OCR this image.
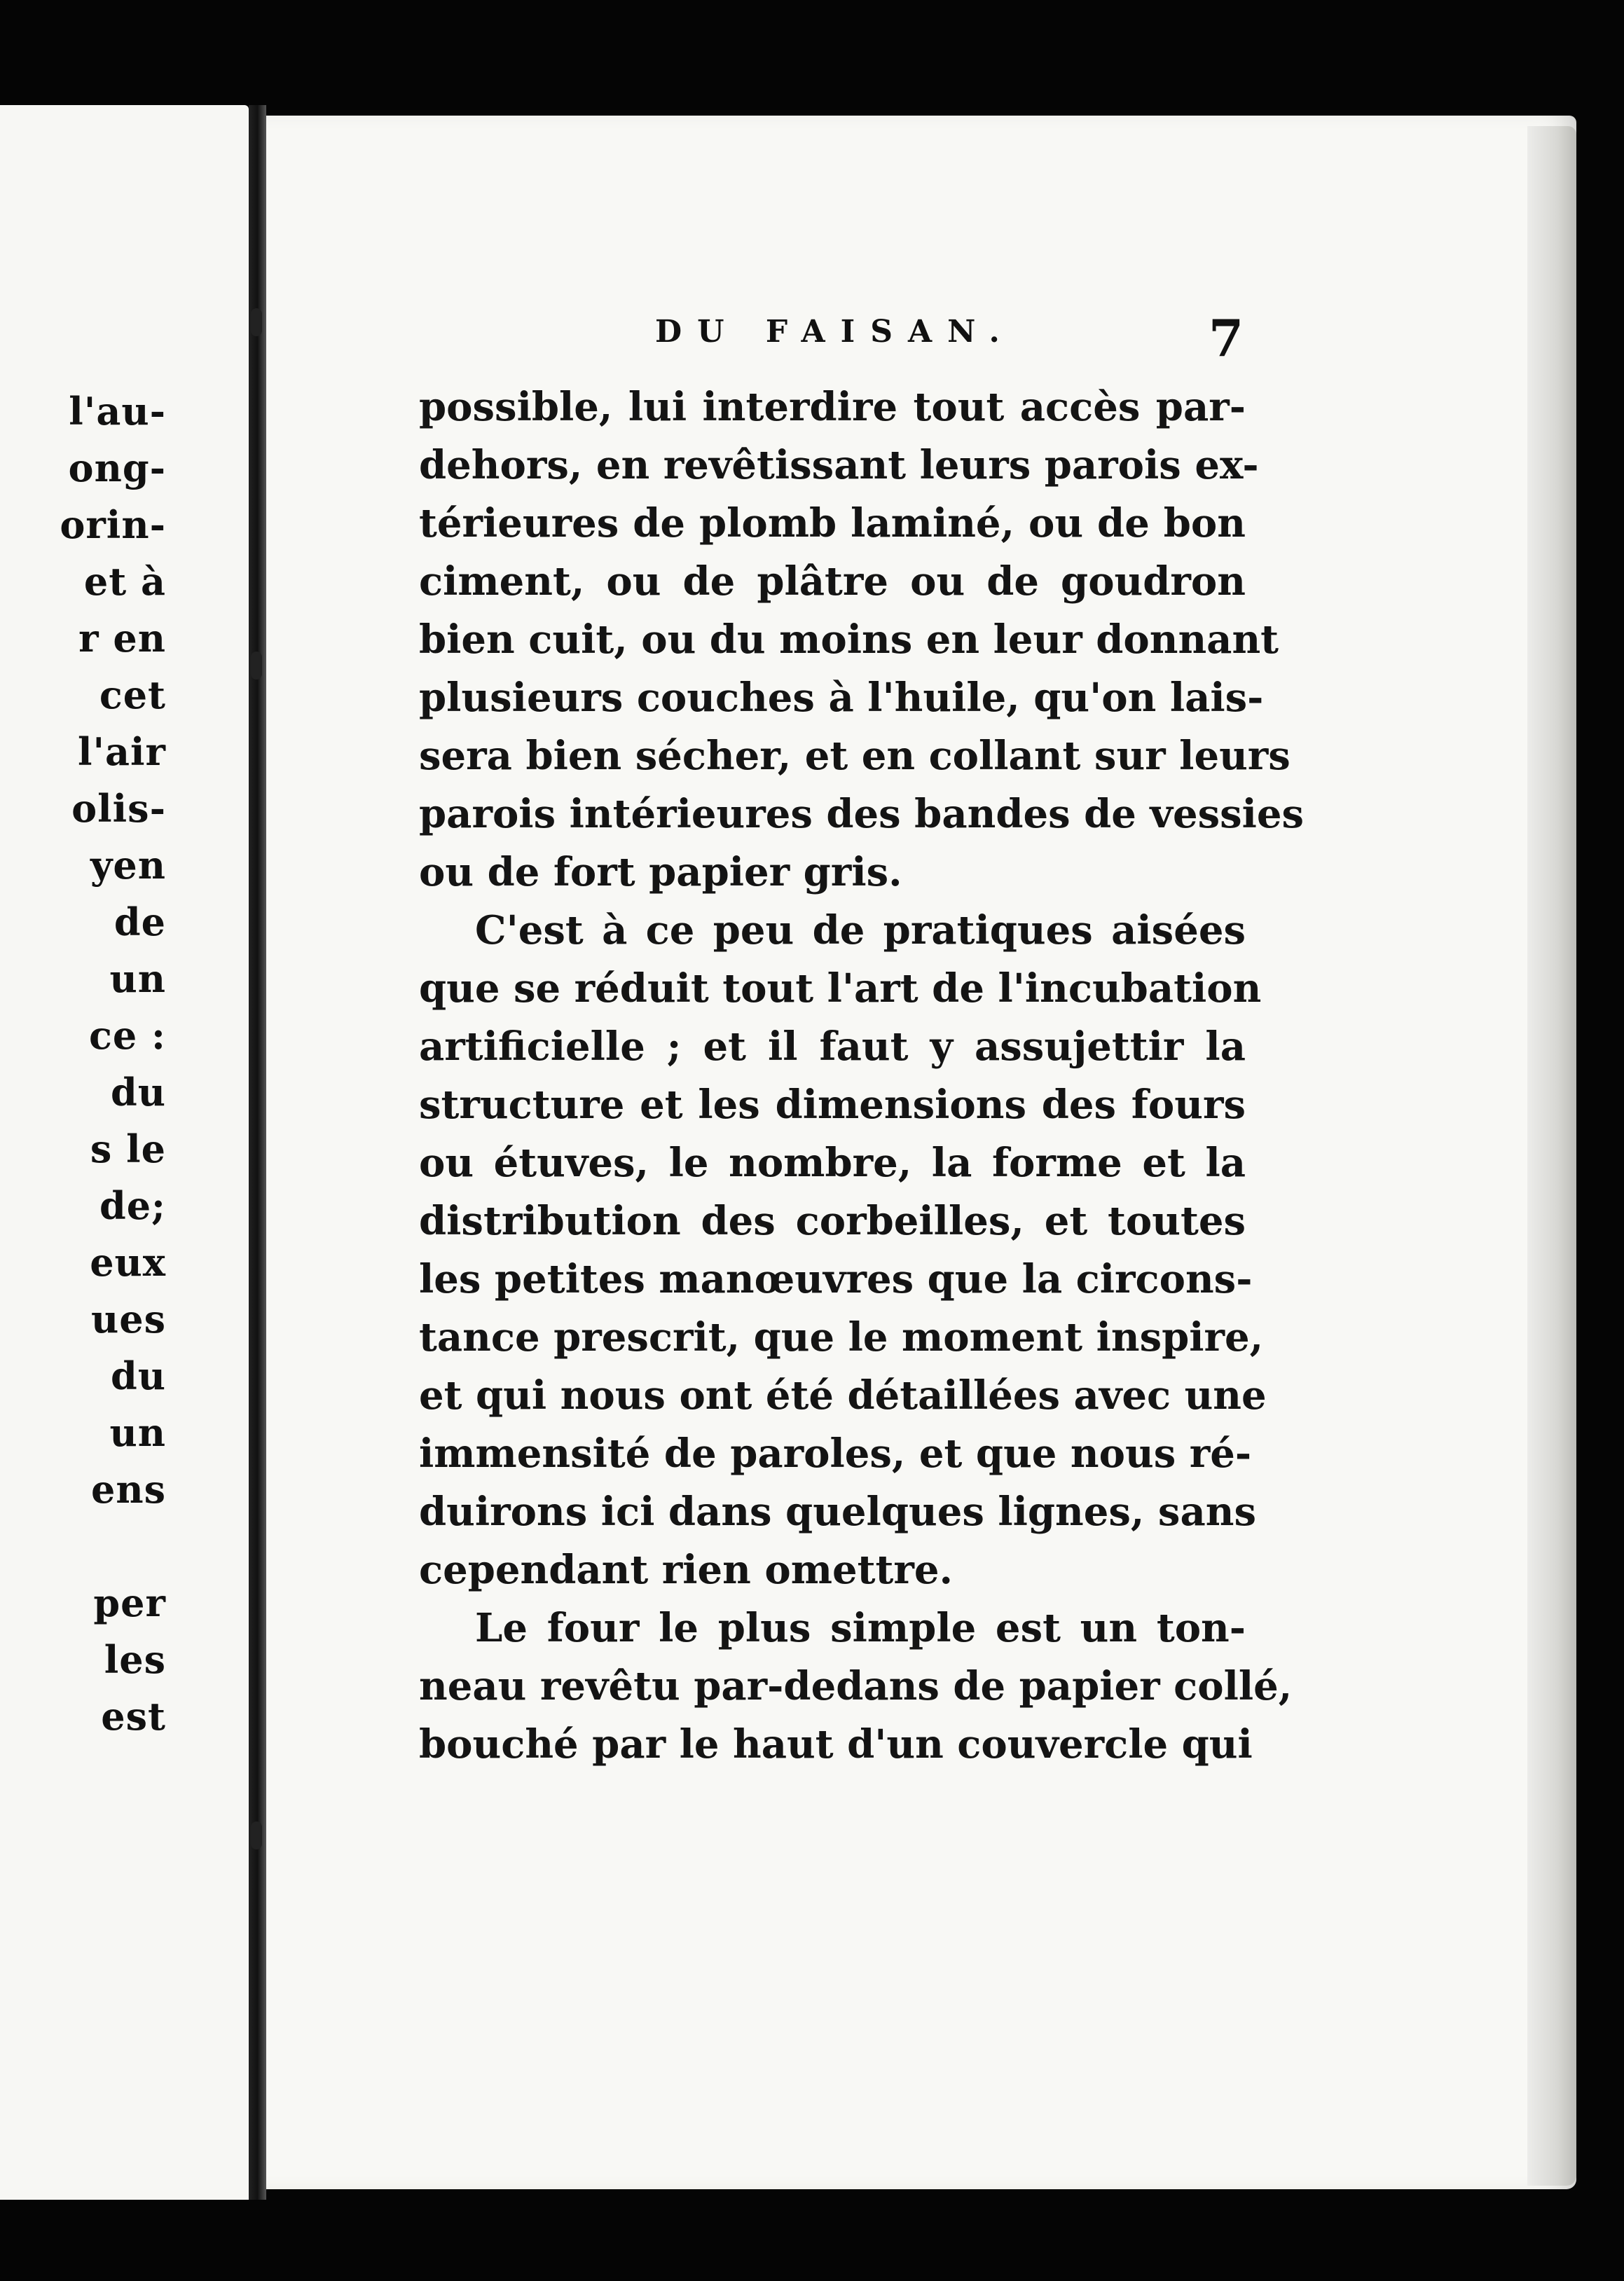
l'au-
ong-
orin-
et à
r en
cet
l'air
olis-
yen
de
un
ce :
du
s le
de;
eux
ues
du
un
ens
per
les
est
DU FAISAN.	7
possible, lui interdire tout accès par-
dehors, en revêtissant leurs parois ex-
térieures de plomb laminé, ou de bon
ciment, ou de plâtre ou de goudron
bien cuit, ou du moins en leur donnant
plusieurs couches à l'huile, qu'on lais-
sera bien sécher, et en collant sur leurs
parois intérieures des bandes de vessies
ou de fort papier gris.
C'est à ce peu de pratiques aisées
que se réduit tout l'art de l'incubation
artificielle ; et il faut y assujettir la
structure et les dimensions des fours
ou étuves, le nombre, la forme et la
distribution des corbeilles, et toutes
les petites manœuvres que la circons-
tance prescrit, que le moment inspire,
et qui nous ont été détaillées avec une
immensité de paroles, et que nous ré-
duirons ici dans quelques lignes, sans
cependant rien omettre.
Le four le plus simple est un ton-
neau revêtu par-dedans de papier collé,
bouché par le haut d'un couvercle qui
